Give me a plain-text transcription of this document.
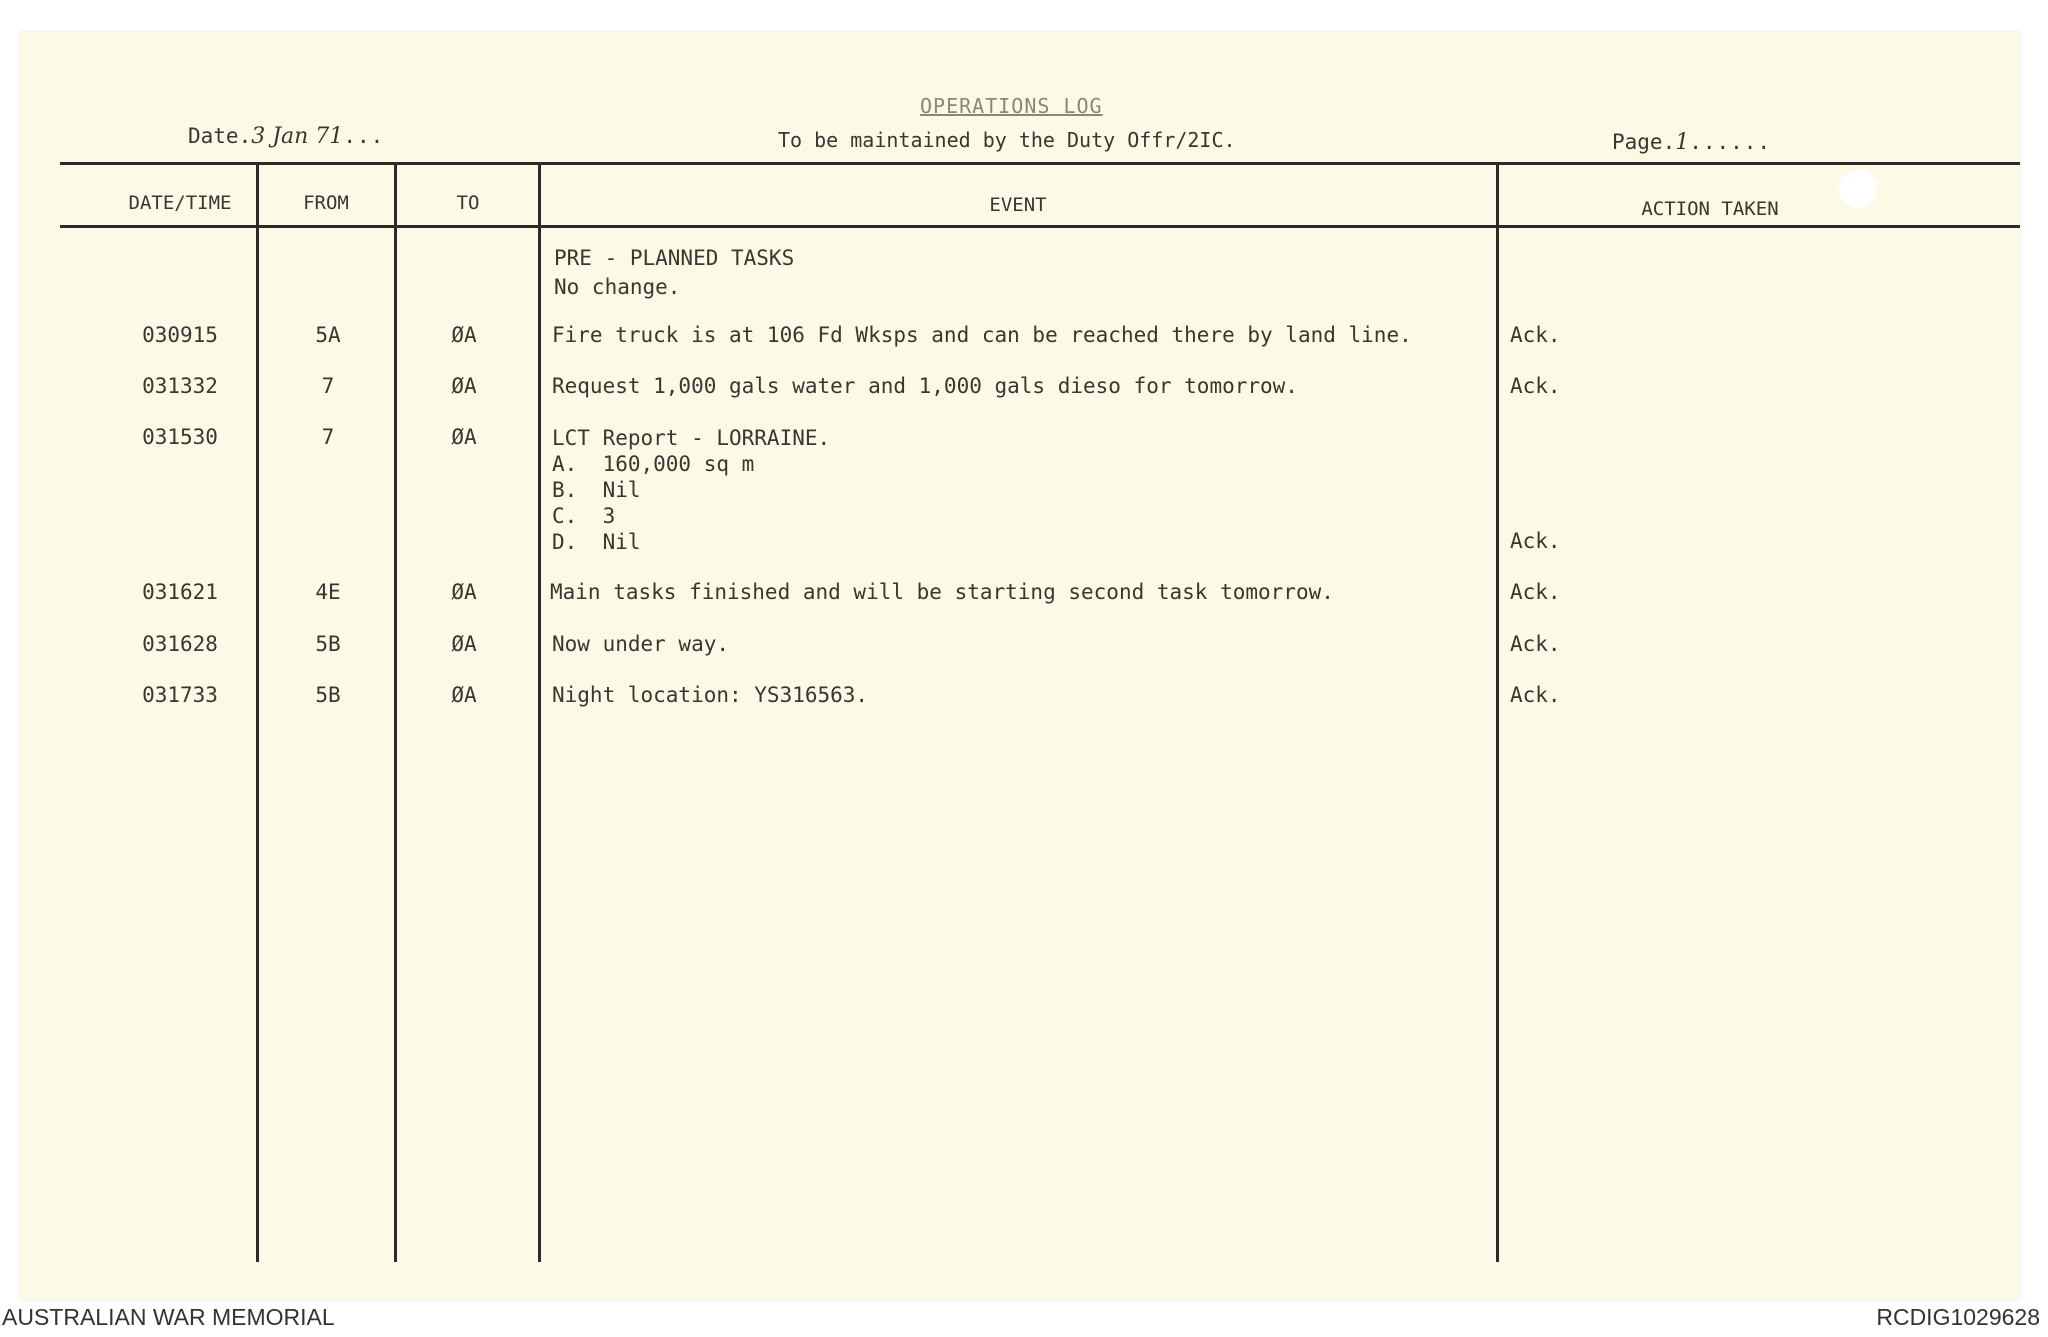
OPERATIONS LOG
Date.3 Jan 71...	To be maintained by the Duty Offr/2IC.	Page.1......
DATE/TIME	FROM	TO	EVENT	ACTION TAKEN
PRE - PLANNED TASKS
No change.
030915	5A	ØA	Fire truck is at 106 Fd Wksps and can be reached there by land line.	Ack.
031332	7	ØA	Request 1,000 gals water and 1,000 gals dieso for tomorrow.	Ack.
031530	7	ØA	LCT Report - LORRAINE.
A.  160,000 sq m
B.  Nil
C.  3
D.  Nil	Ack.
031621	4E	ØA	Main tasks finished and will be starting second task tomorrow.	Ack.
031628	5B	ØA	Now under way.	Ack.
031733	5B	ØA	Night location: YS316563.	Ack.
AUSTRALIAN WAR MEMORIAL	RCDIG1029628
